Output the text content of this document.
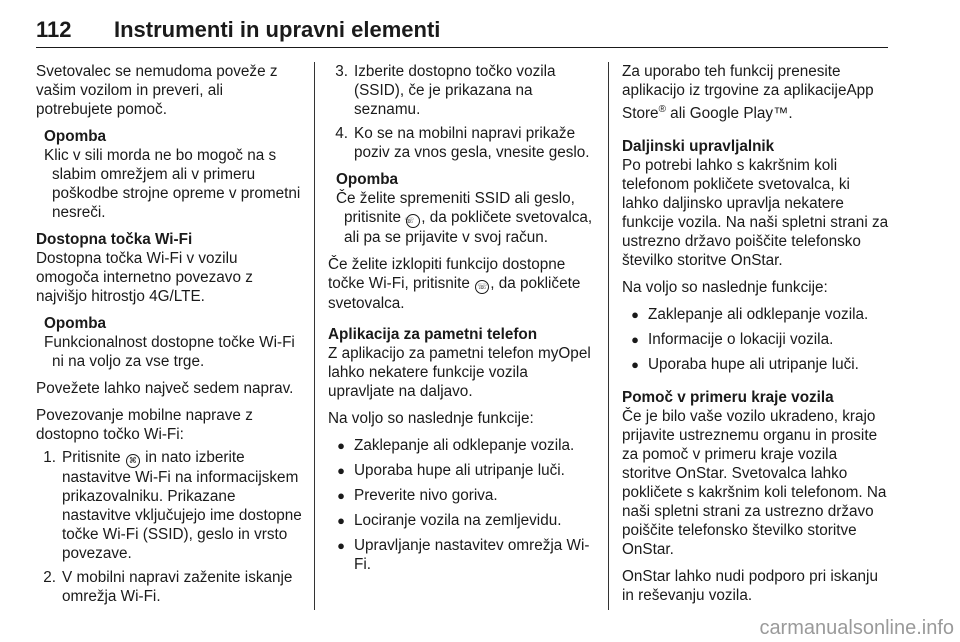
112	Instrumenti in upravni elementi

Svetovalec se nemudoma poveže z vašim vozilom in preveri, ali potrebujete pomoč.

Opomba
Klic v sili morda ne bo mogoč na s slabim omrežjem ali v primeru poškodbe strojne opreme v prometni nesreči.

Dostopna točka Wi-Fi

Dostopna točka Wi-Fi v vozilu omogoča internetno povezavo z najvišjo hitrostjo 4G/LTE.

Opomba
Funkcionalnost dostopne točke Wi-Fi ni na voljo za vse trge.

Povežete lahko največ sedem naprav.

Povezovanje mobilne naprave z dostopno točko Wi-Fi:

1. Pritisnite ⌘ in nato izberite nastavitve Wi-Fi na informacijskem prikazovalniku. Prikazane nastavitve vključujejo ime dostopne točke Wi-Fi (SSID), geslo in vrsto povezave.
2. V mobilni napravi zaženite iskanje omrežja Wi-Fi.
3. Izberite dostopno točko vozila (SSID), če je prikazana na seznamu.
4. Ko se na mobilni napravi prikaže poziv za vnos gesla, vnesite geslo.
Opomba
Če želite spremeniti SSID ali geslo, pritisnite ☏ , da pokličete svetovalca, ali pa se prijavite v svoj račun.

Če želite izklopiti funkcijo dostopne točke Wi-Fi, pritisnite ☏ , da pokličete svetovalca.

Aplikacija za pametni telefon

Z aplikacijo za pametni telefon myOpel lahko nekatere funkcije vozila upravljate na daljavo.

Na voljo so naslednje funkcije:

● Zaklepanje ali odklepanje vozila.
● Uporaba hupe ali utripanje luči.
● Preverite nivo goriva.
● Lociranje vozila na zemljevidu.
● Upravljanje nastavitev omrežja Wi-Fi.

Za uporabo teh funkcij prenesite aplikacijo iz trgovine za aplikacijeApp Store® ali Google Play™.

Daljinski upravljalnik

Po potrebi lahko s kakršnim koli telefonom pokličete svetovalca, ki lahko daljinsko upravlja nekatere funkcije vozila. Na naši spletni strani za ustrezno državo poiščite telefonsko številko storitve OnStar.

Na voljo so naslednje funkcije:

● Zaklepanje ali odklepanje vozila.
● Informacije o lokaciji vozila.
● Uporaba hupe ali utripanje luči.

Pomoč v primeru kraje vozila

Če je bilo vaše vozilo ukradeno, krajo prijavite ustreznemu organu in prosite za pomoč v primeru kraje vozila storitve OnStar. Svetovalca lahko pokličete s kakršnim koli telefonom. Na naši spletni strani za ustrezno državo poiščite telefonsko številko storitve OnStar.

OnStar lahko nudi podporo pri iskanju in reševanju vozila.

carmanualsonline.info
